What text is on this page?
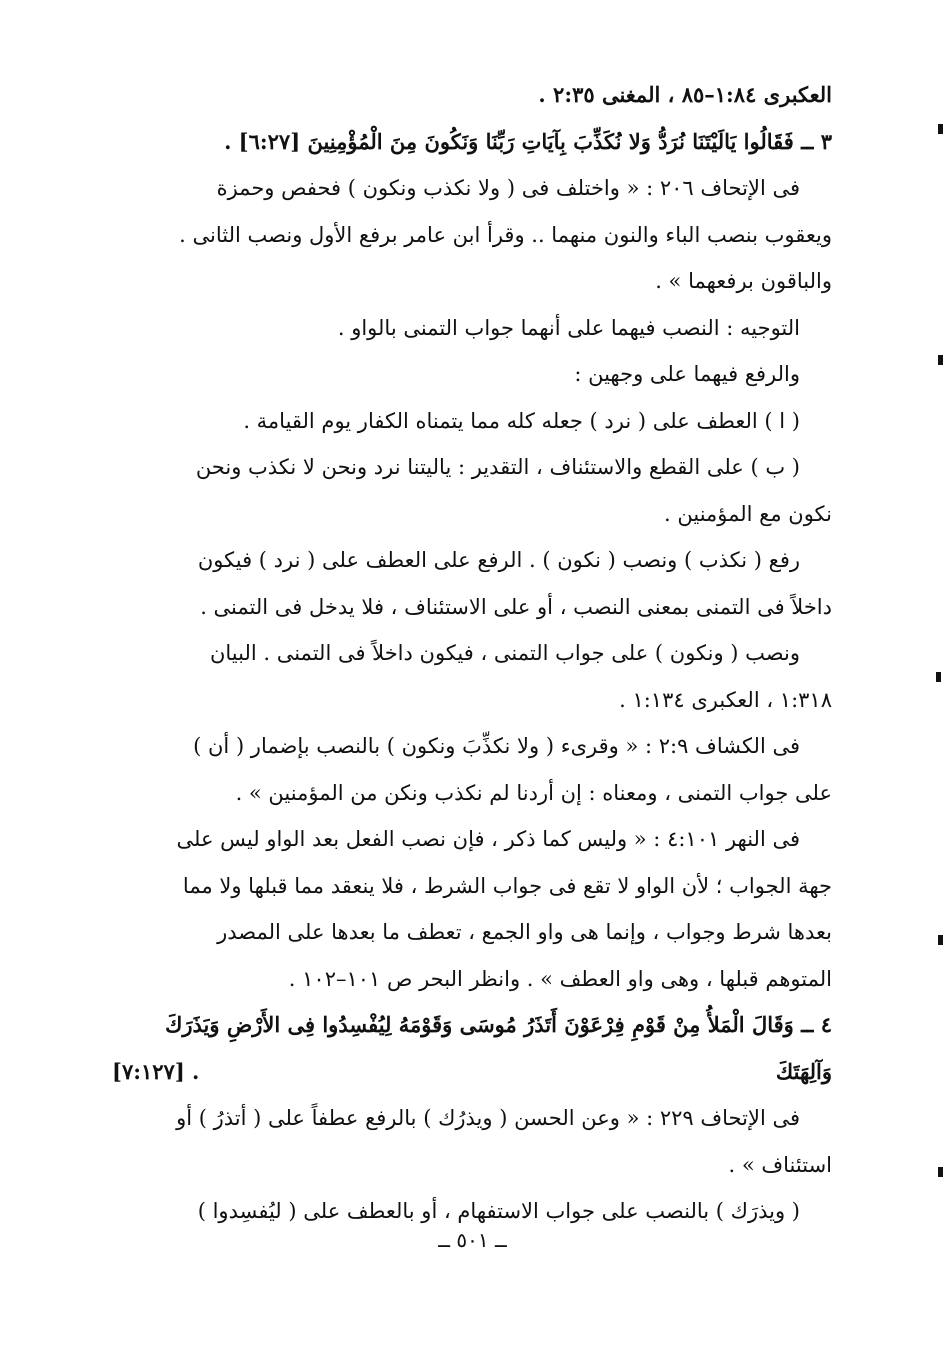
العكبرى ١:٨٤–٨٥ ، المغنى ٢:٣٥ .
٣ ــ فَقَالُوا يَالَيْتَنَا نُرَدُّ وَلا نُكَذِّبَ بِآيَاتِ رَبِّنَا وَنَكُونَ مِنَ الْمُؤْمِنِينَ [٦:٢٧] .
فى الإتحاف ٢٠٦ : « واختلف فى ( ولا نكذب ونكون ) فحفص وحمزة
ويعقوب بنصب الباء والنون منهما .. وقرأ ابن عامر برفع الأول ونصب الثانى .
والباقون برفعهما » .
التوجيه : النصب فيهما على أنهما جواب التمنى بالواو .
والرفع فيهما على وجهين :
( ا ) العطف على ( نرد ) جعله كله مما يتمناه الكفار يوم القيامة .
( ب ) على القطع والاستئناف ، التقدير : ياليتنا نرد ونحن لا نكذب ونحن
نكون مع المؤمنين .
رفع ( نكذب ) ونصب ( نكون ) . الرفع على العطف على ( نرد ) فيكون
داخلاً فى التمنى بمعنى النصب ، أو على الاستئناف ، فلا يدخل فى التمنى .
ونصب ( ونكون ) على جواب التمنى ، فيكون داخلاً فى التمنى . البيان
١:٣١٨ ، العكبرى ١:١٣٤ .
فى الكشاف ٢:٩ : « وقرىء ( ولا نكذِّبَ ونكون ) بالنصب بإضمار ( أن )
على جواب التمنى ، ومعناه : إن أردنا لم نكذب ونكن من المؤمنين » .
فى النهر ٤:١٠١ : « وليس كما ذكر ، فإن نصب الفعل بعد الواو ليس على
جهة الجواب ؛ لأن الواو لا تقع فى جواب الشرط ، فلا ينعقد مما قبلها ولا مما
بعدها شرط وجواب ، وإنما هى واو الجمع ، تعطف ما بعدها على المصدر
المتوهم قبلها ، وهى واو العطف » . وانظر البحر ص ١٠١–١٠٢ .
٤ ــ وَقَالَ الْمَلأُ مِنْ قَوْمِ فِرْعَوْنَ أَتَذَرُ مُوسَى وَقَوْمَهُ لِيُفْسِدُوا فِى الأَرْضِ وَيَذَرَكَ
وَآلِهَتَكَ
[٧:١٢٧] .
فى الإتحاف ٢٢٩ : « وعن الحسن ( ويذرُك ) بالرفع عطفاً على ( أتذرُ ) أو
استئناف » .
( ويذرَك ) بالنصب على جواب الاستفهام ، أو بالعطف على ( ليُفسِدوا )
ــ ٥٠١ ــ
